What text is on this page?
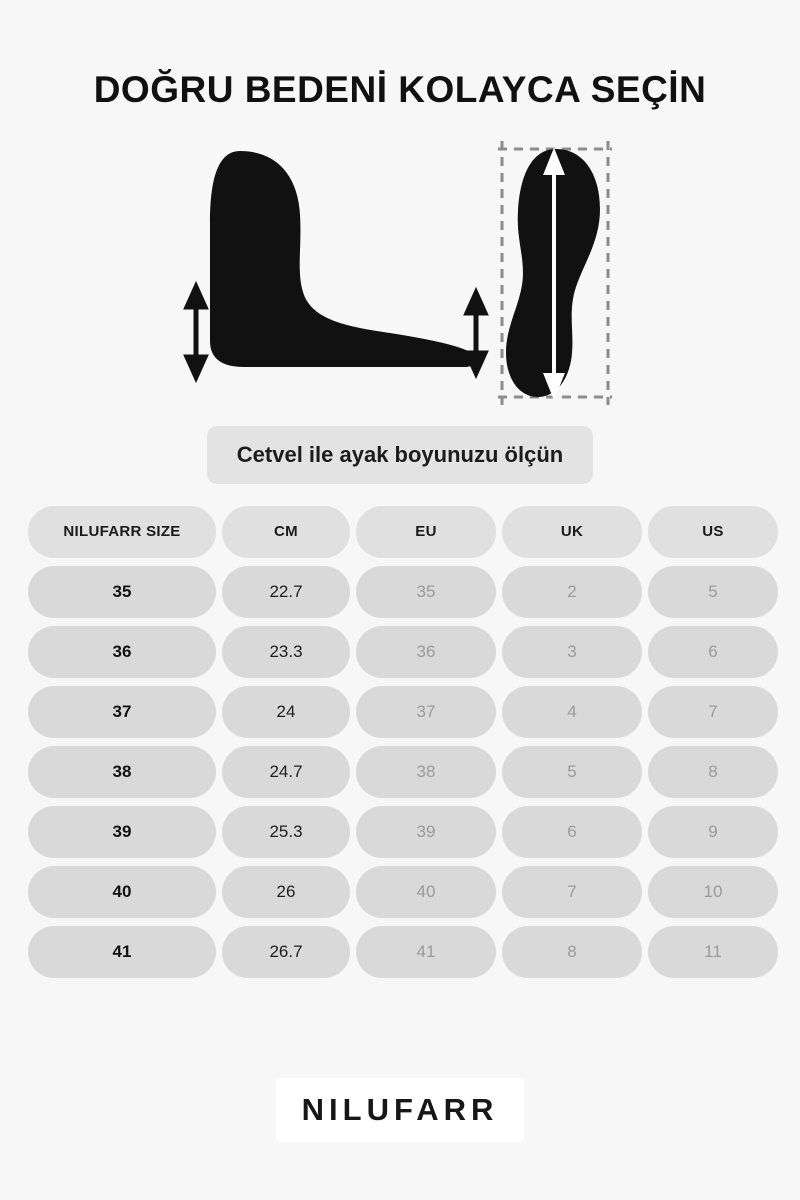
DOĞRU BEDENİ KOLAYCA SEÇİN
Cetvel ile ayak boyunuzu ölçün
NILUFARR SIZE	CM	EU	UK	US
35	22.7	35	2	5
36	23.3	36	3	6
37	24	37	4	7
38	24.7	38	5	8
39	25.3	39	6	9
40	26	40	7	10
41	26.7	41	8	11
NILUFARR
